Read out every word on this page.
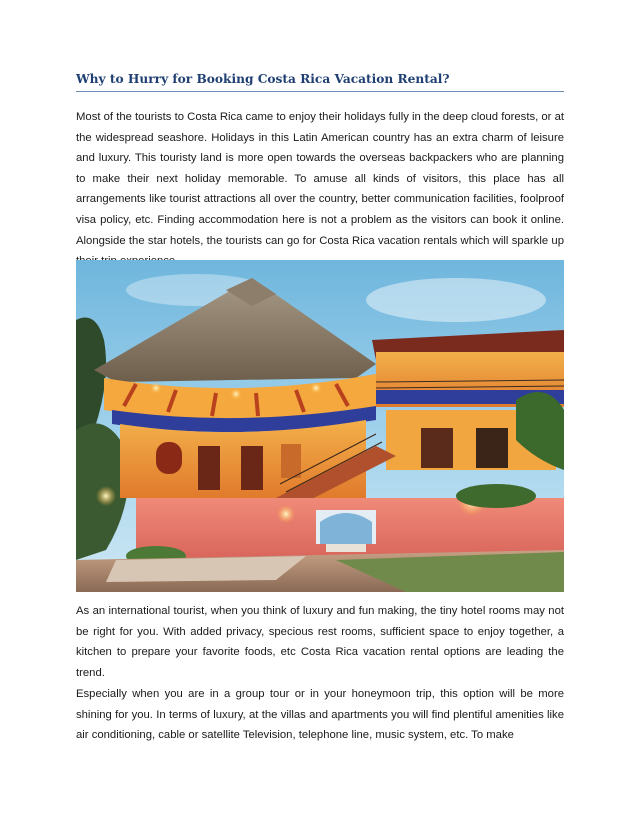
Why to Hurry for Booking Costa Rica Vacation Rental?

Most of the tourists to Costa Rica came to enjoy their holidays fully in the deep cloud forests, or at the widespread seashore. Holidays in this Latin American country has an extra charm of leisure and luxury. This touristy land is more open towards the overseas backpackers who are planning to make their next holiday memorable. To amuse all kinds of visitors, this place has all arrangements like tourist attractions all over the country, better communication facilities, foolproof visa policy, etc. Finding accommodation here is not a problem as the visitors can book it online. Alongside the star hotels, the tourists can go for Costa Rica vacation rentals which will sparkle up

As an international tourist, when you think of luxury and fun making, the tiny hotel rooms may not be right for you. With added privacy, specious rest rooms, sufficient space to enjoy together, a kitchen to prepare your favorite foods, etc Costa Rica vacation rental options are leading the trend.

Especially when you are in a group tour or in your honeymoon trip, this option will be more shining for you. In terms of luxury, at the villas and apartments you will find plentiful amenities like air conditioning, cable or satellite Television, telephone line, music system, etc. To make
